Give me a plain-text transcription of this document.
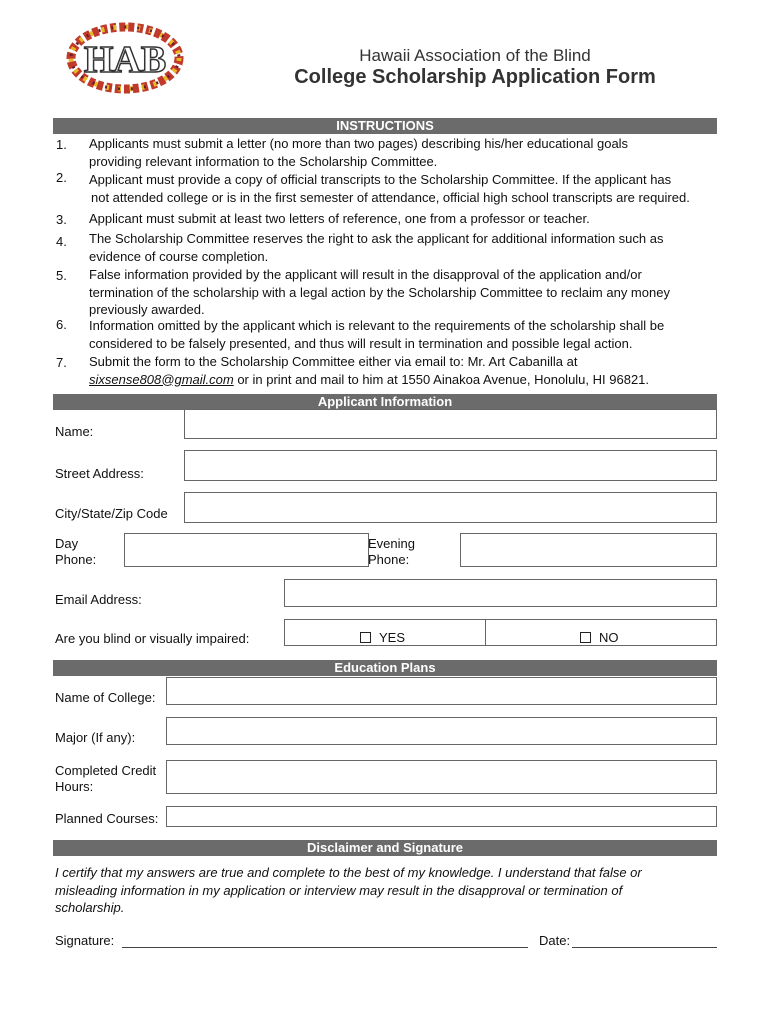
HAB	Hawaii Association of the Blind
College Scholarship Application Form
INSTRUCTIONS
1. Applicants must submit a letter (no more than two pages) describing his/her educational goals
providing relevant information to the Scholarship Committee.
2. Applicant must provide a copy of official transcripts to the Scholarship Committee. If the applicant has
not attended college or is in the first semester of attendance, official high school transcripts are required.
3. Applicant must submit at least two letters of reference, one from a professor or teacher.
4. The Scholarship Committee reserves the right to ask the applicant for additional information such as
evidence of course completion.
5. False information provided by the applicant will result in the disapproval of the application and/or
termination of the scholarship with a legal action by the Scholarship Committee to reclaim any money
previously awarded.
6. Information omitted by the applicant which is relevant to the requirements of the scholarship shall be
considered to be falsely presented, and thus will result in termination and possible legal action.
7. Submit the form to the Scholarship Committee either via email to: Mr. Art Cabanilla at
sixsense808@gmail.com or in print and mail to him at 1550 Ainakoa Avenue, Honolulu, HI 96821.
Applicant Information
Name:
Street Address:
City/State/Zip Code
Day
Phone:
Evening
Phone:
Email Address:
Are you blind or visually impaired:	YES	NO
Education Plans
Name of College:
Major (If any):
Completed Credit
Hours:
Planned Courses:
Disclaimer and Signature
I certify that my answers are true and complete to the best of my knowledge. I understand that false or
misleading information in my application or interview may result in the disapproval or termination of
scholarship.
Signature:	Date:
